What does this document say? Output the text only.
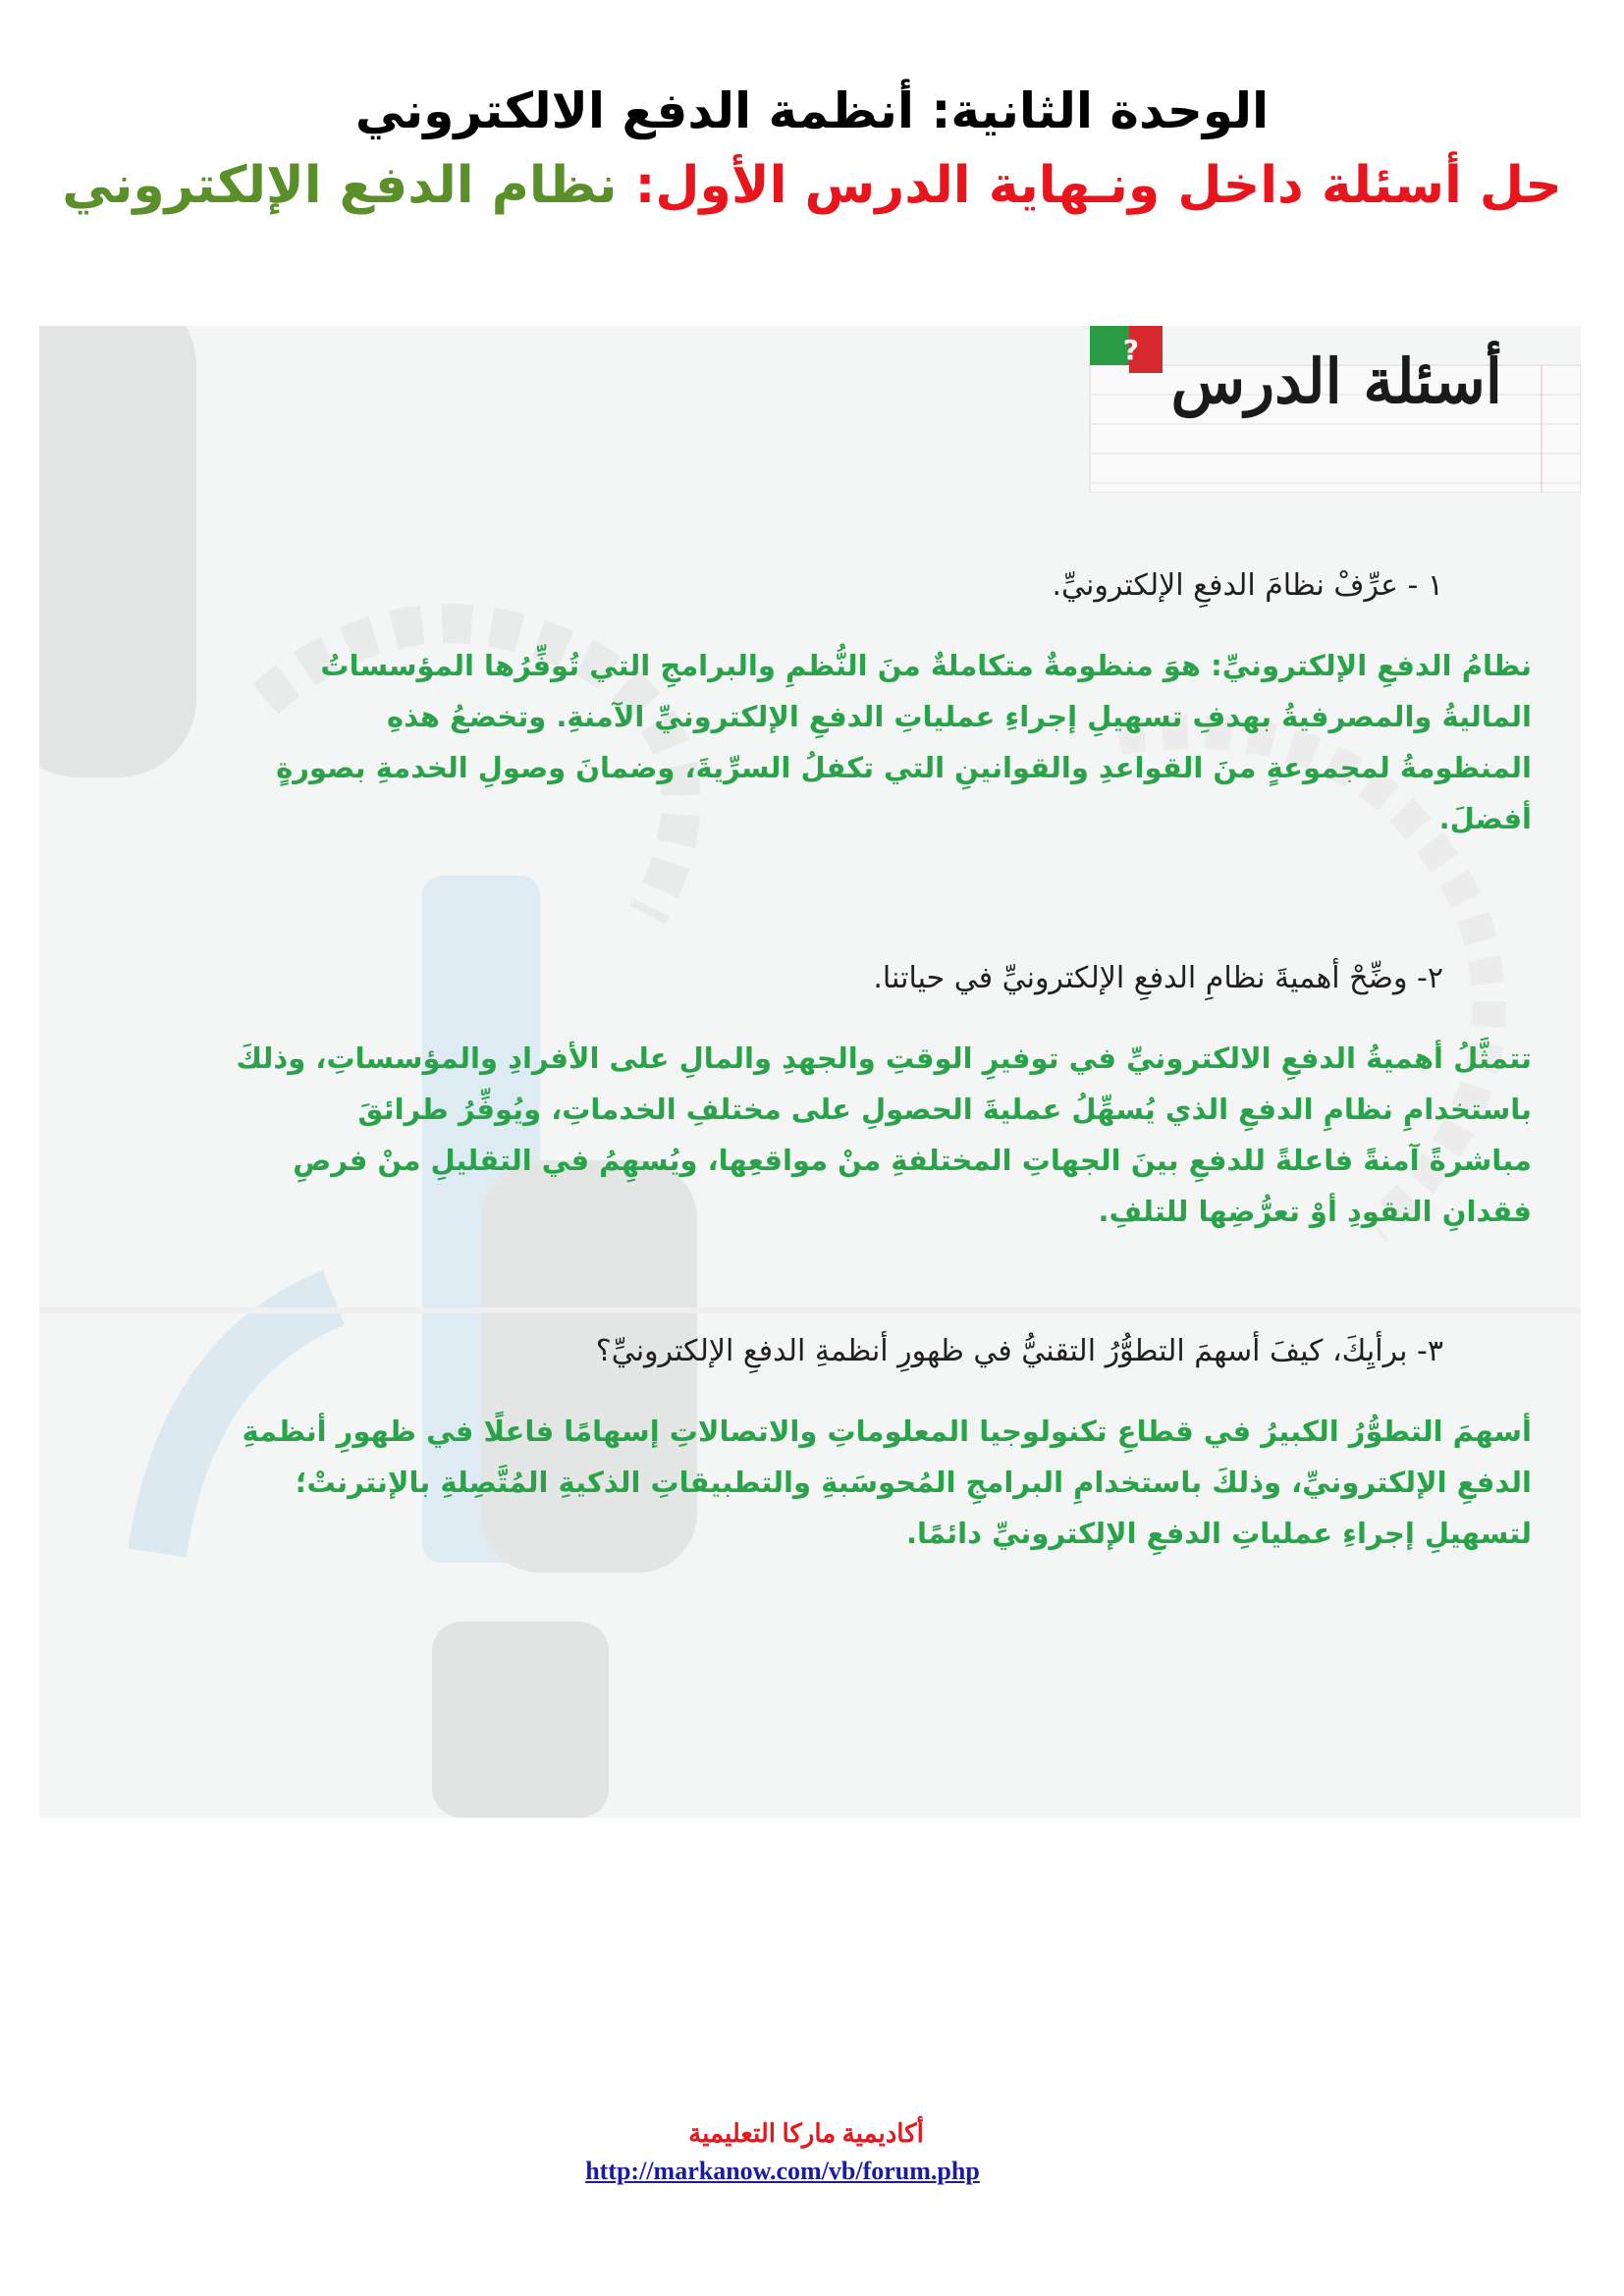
الوحدة الثانية: أنظمة الدفع الالكتروني

حل أسئلة داخل ونـهاية الدرس الأول: نظام الدفع الإلكتروني

? أسئلة الدرس

١ - عرِّفْ نظامَ الدفعِ الإلكترونيِّ.

نظامُ الدفعِ الإلكترونيِّ: هوَ منظومةٌ متكاملةٌ منَ النُّظمِ والبرامجِ التي تُوفِّرُها المؤسساتُ

الماليةُ والمصرفيةُ بهدفِ تسهيلِ إجراءِ عملياتِ الدفعِ الإلكترونيِّ الآمنةِ. وتخضعُ هذهِ

المنظومةُ لمجموعةٍ منَ القواعدِ والقوانينِ التي تكفلُ السرِّيةَ، وضمانَ وصولِ الخدمةِ بصورةٍ

أفضلَ.

٢- وضِّحْ أهميةَ نظامِ الدفعِ الإلكترونيِّ في حياتنا.

تتمثَّلُ أهميةُ الدفعِ الالكترونيِّ في توفيرِ الوقتِ والجهدِ والمالِ على الأفرادِ والمؤسساتِ، وذلكَ

باستخدامِ نظامِ الدفعِ الذي يُسهِّلُ عمليةَ الحصولِ على مختلفِ الخدماتِ، ويُوفِّرُ طرائقَ

مباشرةً آمنةً فاعلةً للدفعِ بينَ الجهاتِ المختلفةِ منْ مواقعِها، ويُسهِمُ في التقليلِ منْ فرصِ

فقدانِ النقودِ أوْ تعرُّضِها للتلفِ.

٣- برأيِكَ، كيفَ أسهمَ التطوُّرُ التقنيُّ في ظهورِ أنظمةِ الدفعِ الإلكترونيِّ؟

أسهمَ التطوُّرُ الكبيرُ في قطاعِ تكنولوجيا المعلوماتِ والاتصالاتِ إسهامًا فاعلًا في ظهورِ أنظمةِ

الدفعِ الإلكترونيِّ، وذلكَ باستخدامِ البرامجِ المُحوسَبةِ والتطبيقاتِ الذكيةِ المُتَّصِلةِ بالإنترنتْ؛

لتسهيلِ إجراءِ عملياتِ الدفعِ الإلكترونيِّ دائمًا.

أكاديمية ماركا التعليمية

http://markanow.com/vb/forum.php
